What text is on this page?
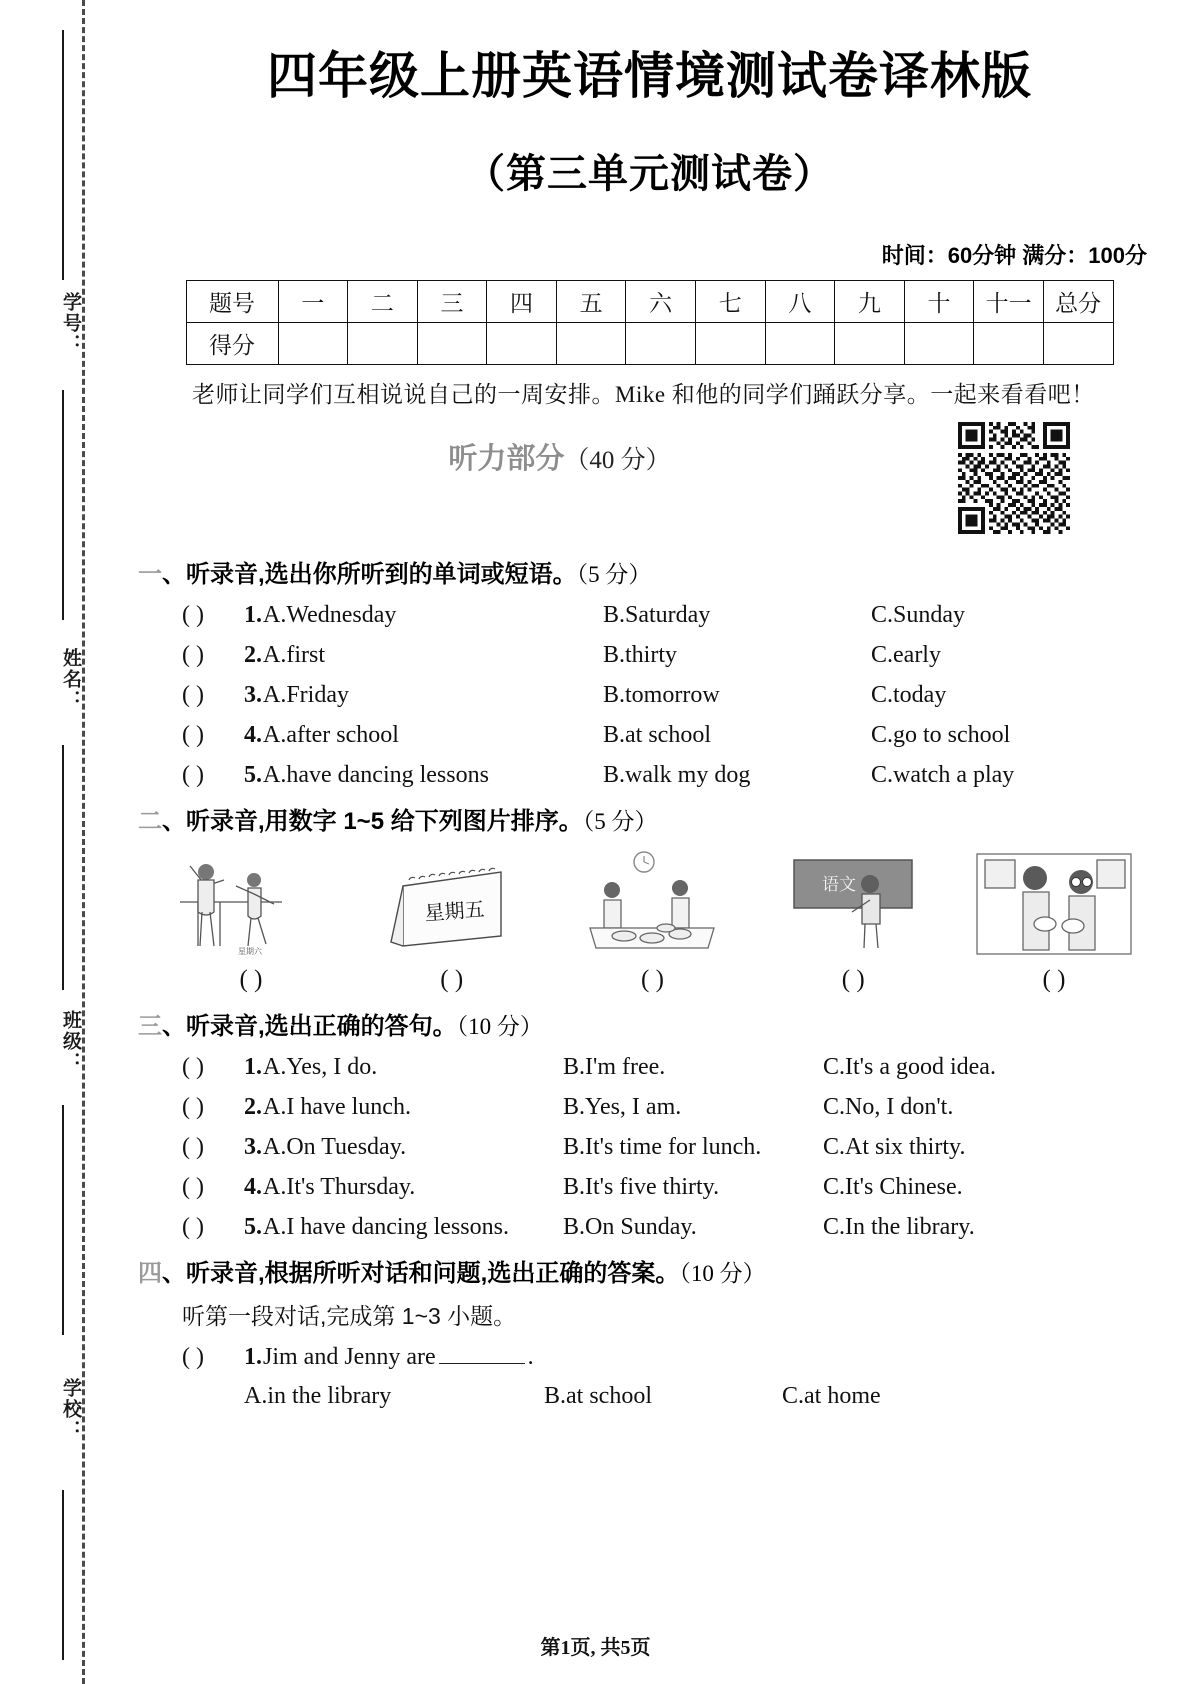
学号：
姓名：
班级：
学校：
四年级上册英语情境测试卷译林版
（第三单元测试卷）
时间：60分钟 满分：100分
题号	一	二	三	四	五	六	七	八	九	十	十一	总分
得分												
老师让同学们互相说说自己的一周安排。Mike 和他的同学们踊跃分享。一起来看看吧！
听力部分（40 分）
一、听录音,选出你所听到的单词或短语。（5 分）
( )	1. A.Wednesday	B.Saturday	C.Sunday
( )	2. A.first	B.thirty	C.early
( )	3. A.Friday	B.tomorrow	C.today
( )	4. A.after school	B.at school	C.go to school
( )	5. A.have dancing lessons	B.walk my dog	C.watch a play
二、听录音,用数字 1~5 给下列图片排序。（5 分）
星期六
星期五
语文
( )	( )	( )	( )	( )
三、听录音,选出正确的答句。（10 分）
( )	1. A.Yes, I do.	B.I'm free.	C.It's a good idea.
( )	2. A.I have lunch.	B.Yes, I am.	C.No, I don't.
( )	3. A.On Tuesday.	B.It's time for lunch.	C.At six thirty.
( )	4. A.It's Thursday.	B.It's five thirty.	C.It's Chinese.
( )	5. A.I have dancing lessons.	B.On Sunday.	C.In the library.
四、听录音,根据所听对话和问题,选出正确的答案。（10 分）
听第一段对话,完成第 1~3 小题。
( )	1. Jim and Jenny are	.
A.in the library	B.at school	C.at home
第1页, 共5页
